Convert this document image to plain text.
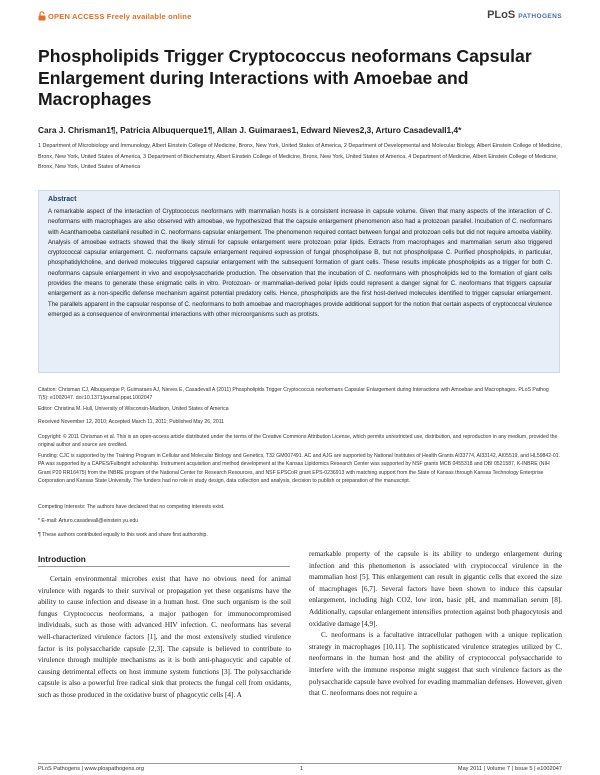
OPEN ACCESS Freely available online	PLoS PATHOGENS
Phospholipids Trigger Cryptococcus neoformans Capsular Enlargement during Interactions with Amoebae and Macrophages
Cara J. Chrisman1¶, Patricia Albuquerque1¶, Allan J. Guimaraes1, Edward Nieves2,3, Arturo Casadevall1,4*
1 Department of Microbiology and Immunology, Albert Einstein College of Medicine, Bronx, New York, United States of America, 2 Department of Developmental and Molecular Biology, Albert Einstein College of Medicine, Bronx, New York, United States of America, 3 Department of Biochemistry, Albert Einstein College of Medicine, Bronx, New York, United States of America, 4 Department of Medicine, Albert Einstein College of Medicine, Bronx, New York, United States of America
Abstract
A remarkable aspect of the interaction of Cryptococcus neoformans with mammalian hosts is a consistent increase in capsule volume. Given that many aspects of the interaction of C. neoformans with macrophages are also observed with amoebae, we hypothesized that the capsule enlargement phenomenon also had a protozoan parallel. Incubation of C. neoformans with Acanthamoeba castellanii resulted in C. neoformans capsular enlargement. The phenomenon required contact between fungal and protozoan cells but did not require amoeba viability. Analysis of amoebae extracts showed that the likely stimuli for capsule enlargement were protozoan polar lipids. Extracts from macrophages and mammalian serum also triggered cryptococcal capsular enlargement. C. neoformans capsule enlargement required expression of fungal phospholipase B, but not phospholipase C. Purified phospholipids, in particular, phosphatidylcholine, and derived molecules triggered capsular enlargement with the subsequent formation of giant cells. These results implicate phospholipids as a trigger for both C. neoformans capsule enlargement in vivo and exopolysaccharide production. The observation that the incubation of C. neoformans with phospholipids led to the formation of giant cells provides the means to generate these enigmatic cells in vitro. Protozoan- or mammalian-derived polar lipids could represent a danger signal for C. neoformans that triggers capsular enlargement as a non-specific defense mechanism against potential predatory cells. Hence, phospholipids are the first host-derived molecules identified to trigger capsular enlargement. The parallels apparent in the capsular response of C. neoformans to both amoebae and macrophages provide additional support for the notion that certain aspects of cryptococcal virulence emerged as a consequence of environmental interactions with other microorganisms such as protists.
Citation: Chrisman CJ, Albuquerque P, Guimaraes AJ, Nieves E, Casadevall A (2011) Phospholipids Trigger Cryptococcus neoformans Capsular Enlargement during Interactions with Amoebae and Macrophages. PLoS Pathog 7(5): e1002047. doi:10.1371/journal.ppat.1002047
Editor: Christina M. Hull, University of Wisconsin-Madison, United States of America
Received November 12, 2010; Accepted March 11, 2011; Published May 26, 2011
Copyright: © 2011 Chrisman et al. This is an open-access article distributed under the terms of the Creative Commons Attribution License, which permits unrestricted use, distribution, and reproduction in any medium, provided the original author and source are credited.
Funding: CJC is supported by the Training Program in Cellular and Molecular Biology and Genetics, T32 GM007491. AC and AJG are supported by National Institutes of Health Grants AI33774, AI33142, AI05519, and HL59842-01. PA was supported by a CAPES/Fulbright scholarship. Instrument acquisition and method development at the Kansas Lipidomics Research Center was supported by NSF grants MCB 0455318 and DBI 0521587, K-INBRE (NIH Grant P20 RR16475) from the INBRE program of the National Center for Research Resources, and NSF EPSCoR grant EPS-0236913 with matching support from the State of Kansas through Kansas Technology Enterprise Corporation and Kansas State University. The funders had no role in study design, data collection and analysis, decision to publish or preparation of the manuscript.
Competing Interests: The authors have declared that no competing interests exist.
* E-mail: Arturo.casadevall@einstein.yu.edu
¶ These authors contributed equally to this work and share first authorship.
Introduction
Certain environmental microbes exist that have no obvious need for animal virulence with regards to their survival or propagation yet these organisms have the ability to cause infection and disease in a human host. One such organism is the soil fungus Cryptococcus neoformans, a major pathogen for immunocompromised individuals, such as those with advanced HIV infection. C. neoformans has several well-characterized virulence factors [1], and the most extensively studied virulence factor is its polysaccharide capsule [2,3]. The capsule is believed to contribute to virulence through multiple mechanisms as it is both anti-phagocytic and capable of causing detrimental effects on host immune system functions [3]. The polysaccharide capsule is also a powerful free radical sink that protects the fungal cell from oxidants, such as those produced in the oxidative burst of phagocytic cells [4]. A

remarkable property of the capsule is its ability to undergo enlargement during infection and this phenomenon is associated with cryptococcal virulence in the mammalian host [5]. This enlargement can result in gigantic cells that exceed the size of macrophages [6,7]. Several factors have been shown to induce this capsular enlargement, including high CO2, low iron, basic pH, and mammalian serum [8]. Additionally, capsular enlargement intensifies protection against both phagocytosis and oxidative damage [4,9].

C. neoformans is a facultative intracellular pathogen with a unique replication strategy in macrophages [10,11]. The sophisticated virulence strategies utilized by C. neoformans in the human host and the ability of cryptococcal polysaccharide to interfere with the immune response might suggest that such virulence factors as the polysaccharide capsule have evolved for evading mammalian defenses. However, given that C. neoformans does not require a

PLoS Pathogens | www.plospathogens.org	1	May 2011 | Volume 7 | Issue 5 | e1002047
